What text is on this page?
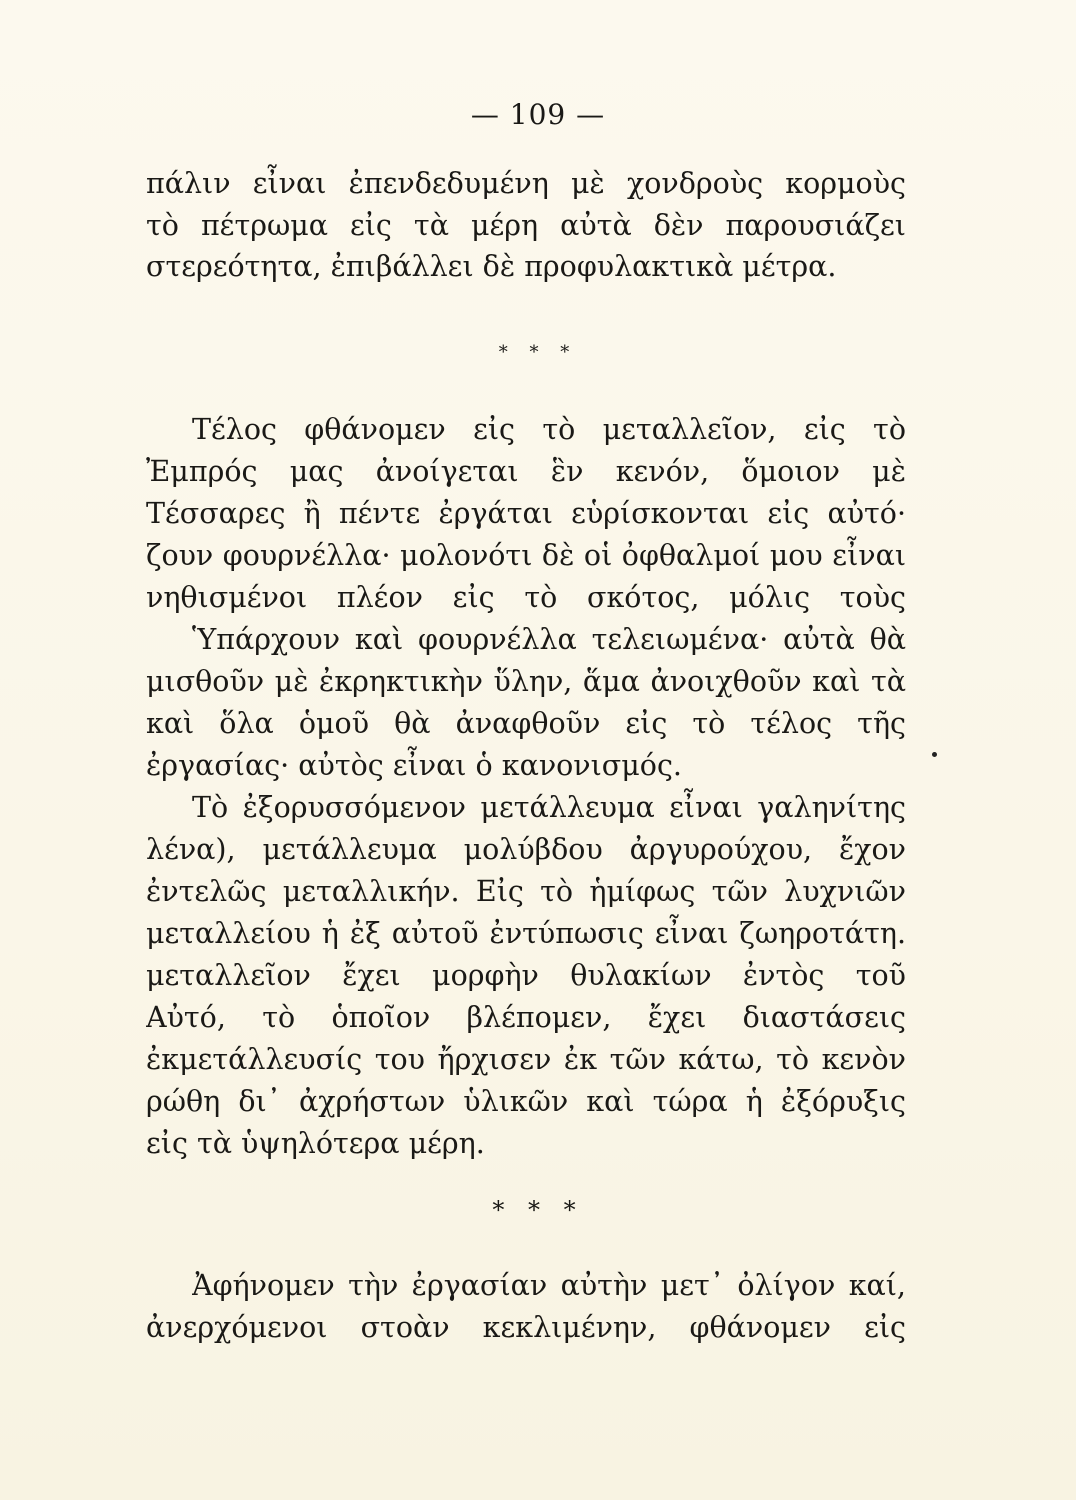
— 109 —
πάλιν εἶναι ἐπενδεδυμένη μὲ χονδροὺς κορμοὺς
τὸ πέτρωμα εἰς τὰ μέρη αὐτὰ δὲν παρουσιάζει
στερεότητα, ἐπιβάλλει δὲ προφυλακτικὰ μέτρα.
* * *
Τέλος φθάνομεν εἰς τὸ μεταλλεῖον, εἰς τὸ
Ἐμπρός μας ἀνοίγεται ἓν κενόν, ὅμοιον μὲ
Τέσσαρες ἢ πέντε ἐργάται εὑρίσκονται εἰς αὐτό·
ζουν φουρνέλλα· μολονότι δὲ οἱ ὀφθαλμοί μου εἶναι
νηθισμένοι πλέον εἰς τὸ σκότος, μόλις τοὺς
Ὑπάρχουν καὶ φουρνέλλα τελειωμένα· αὐτὰ θὰ
μισθοῦν μὲ ἐκρηκτικὴν ὕλην, ἅμα ἀνοιχθοῦν καὶ τὰ
καὶ ὅλα ὁμοῦ θὰ ἀναφθοῦν εἰς τὸ τέλος τῆς
ἐργασίας· αὐτὸς εἶναι ὁ κανονισμός.
Τὸ ἐξορυσσόμενον μετάλλευμα εἶναι γαληνίτης
λένα), μετάλλευμα μολύβδου ἀργυρούχου, ἔχον
ἐντελῶς μεταλλικήν. Εἰς τὸ ἡμίφως τῶν λυχνιῶν
μεταλλείου ἡ ἐξ αὐτοῦ ἐντύπωσις εἶναι ζωηροτάτη.
μεταλλεῖον ἔχει μορφὴν θυλακίων ἐντὸς τοῦ
Αὐτό, τὸ ὁποῖον βλέπομεν, ἔχει διαστάσεις
ἐκμετάλλευσίς του ἤρχισεν ἐκ τῶν κάτω, τὸ κενὸν
ρώθη δι᾽ ἀχρήστων ὑλικῶν καὶ τώρα ἡ ἐξόρυξις
εἰς τὰ ὑψηλότερα μέρη.
* * *
Ἀφήνομεν τὴν ἐργασίαν αὐτὴν μετ᾽ ὀλίγον καί,
ἀνερχόμενοι στοὰν κεκλιμένην, φθάνομεν εἰς
